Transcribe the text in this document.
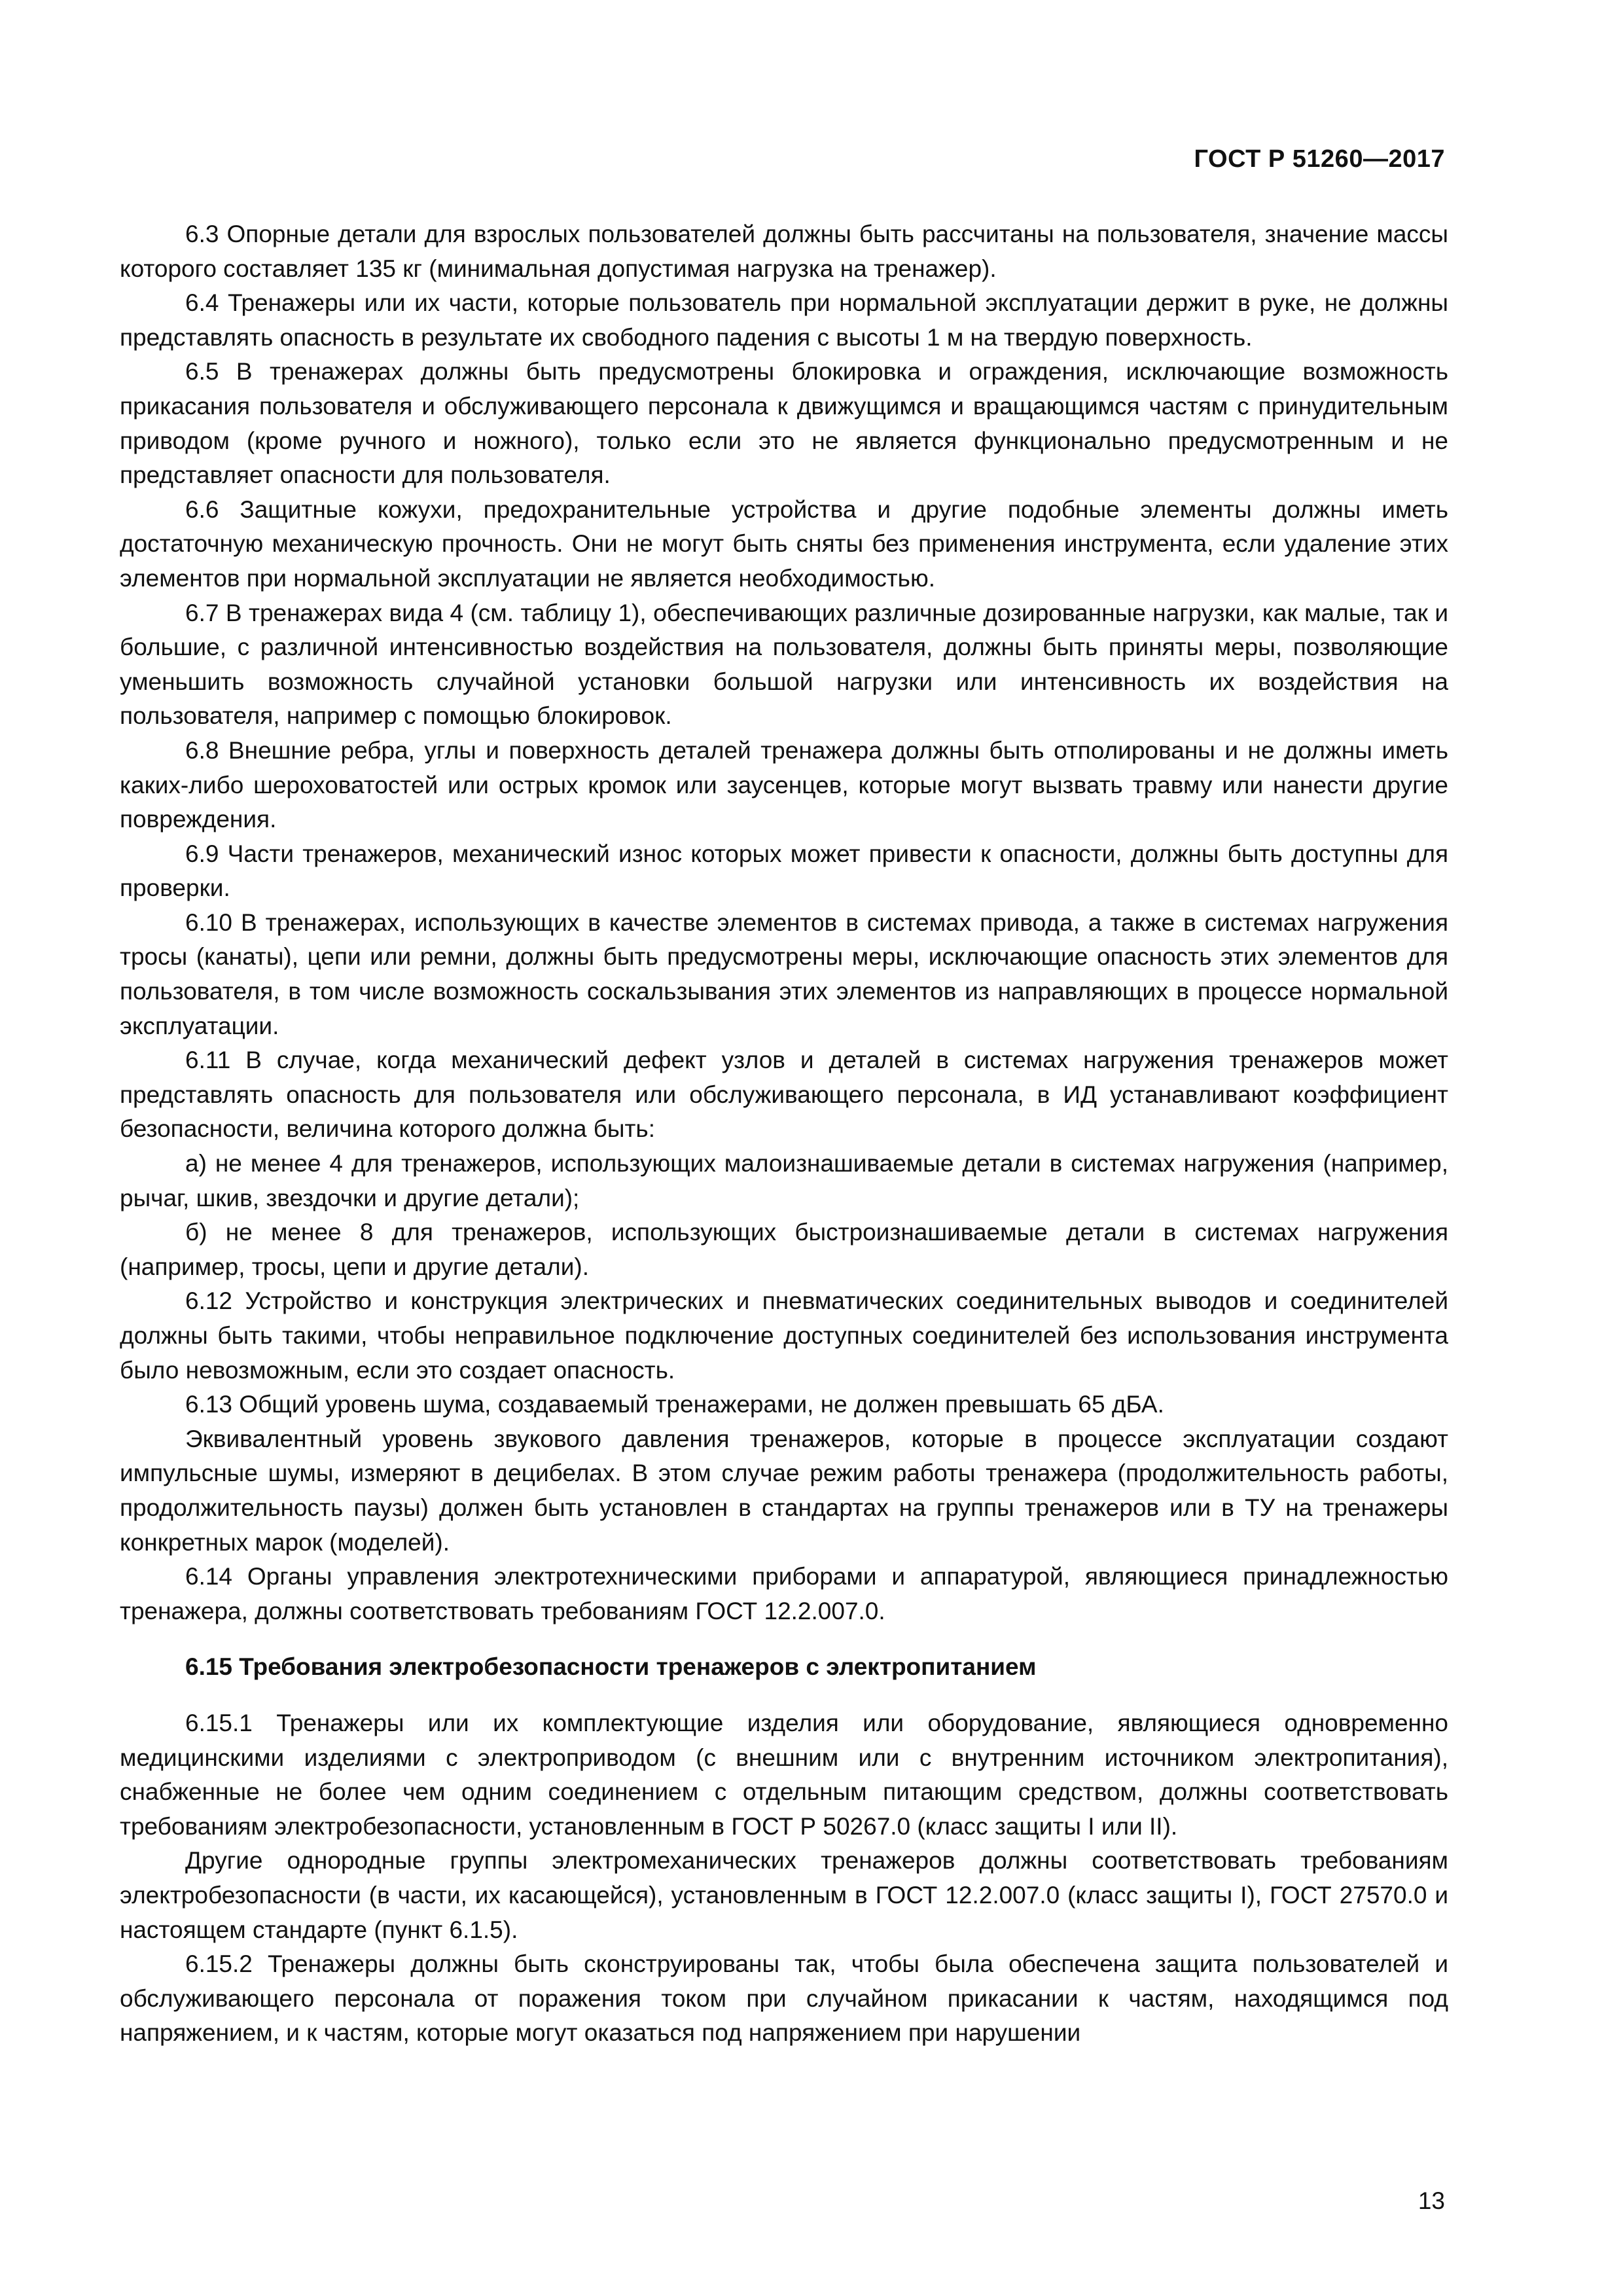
ГОСТ Р 51260—2017

6.3 Опорные детали для взрослых пользователей должны быть рассчитаны на пользователя, значение массы которого составляет 135 кг (минимальная допустимая нагрузка на тренажер).

6.4 Тренажеры или их части, которые пользователь при нормальной эксплуатации держит в руке, не должны представлять опасность в результате их свободного падения с высоты 1 м на твердую поверхность.

6.5 В тренажерах должны быть предусмотрены блокировка и ограждения, исключающие возможность прикасания пользователя и обслуживающего персонала к движущимся и вращающимся частям с принудительным приводом (кроме ручного и ножного), только если это не является функционально предусмотренным и не представляет опасности для пользователя.

6.6 Защитные кожухи, предохранительные устройства и другие подобные элементы должны иметь достаточную механическую прочность. Они не могут быть сняты без применения инструмента, если удаление этих элементов при нормальной эксплуатации не является необходимостью.

6.7 В тренажерах вида 4 (см. таблицу 1), обеспечивающих различные дозированные нагрузки, как малые, так и большие, с различной интенсивностью воздействия на пользователя, должны быть приняты меры, позволяющие уменьшить возможность случайной установки большой нагрузки или интенсивность их воздействия на пользователя, например с помощью блокировок.

6.8 Внешние ребра, углы и поверхность деталей тренажера должны быть отполированы и не должны иметь каких-либо шероховатостей или острых кромок или заусенцев, которые могут вызвать травму или нанести другие повреждения.

6.9 Части тренажеров, механический износ которых может привести к опасности, должны быть доступны для проверки.

6.10 В тренажерах, использующих в качестве элементов в системах привода, а также в системах нагружения тросы (канаты), цепи или ремни, должны быть предусмотрены меры, исключающие опасность этих элементов для пользователя, в том числе возможность соскальзывания этих элементов из направляющих в процессе нормальной эксплуатации.

6.11 В случае, когда механический дефект узлов и деталей в системах нагружения тренажеров может представлять опасность для пользователя или обслуживающего персонала, в ИД устанавливают коэффициент безопасности, величина которого должна быть:

а) не менее 4 для тренажеров, использующих малоизнашиваемые детали в системах нагружения (например, рычаг, шкив, звездочки и другие детали);

б) не менее 8 для тренажеров, использующих быстроизнашиваемые детали в системах нагружения (например, тросы, цепи и другие детали).

6.12 Устройство и конструкция электрических и пневматических соединительных выводов и соединителей должны быть такими, чтобы неправильное подключение доступных соединителей без использования инструмента было невозможным, если это создает опасность.

6.13 Общий уровень шума, создаваемый тренажерами, не должен превышать 65 дБА.

Эквивалентный уровень звукового давления тренажеров, которые в процессе эксплуатации создают импульсные шумы, измеряют в децибелах. В этом случае режим работы тренажера (продолжительность работы, продолжительность паузы) должен быть установлен в стандартах на группы тренажеров или в ТУ на тренажеры конкретных марок (моделей).

6.14 Органы управления электротехническими приборами и аппаратурой, являющиеся принадлежностью тренажера, должны соответствовать требованиям ГОСТ 12.2.007.0.

6.15 Требования электробезопасности тренажеров с электропитанием

6.15.1 Тренажеры или их комплектующие изделия или оборудование, являющиеся одновременно медицинскими изделиями с электроприводом (с внешним или с внутренним источником электропитания), снабженные не более чем одним соединением с отдельным питающим средством, должны соответствовать требованиям электробезопасности, установленным в ГОСТ Р 50267.0 (класс защиты I или II).

Другие однородные группы электромеханических тренажеров должны соответствовать требованиям электробезопасности (в части, их касающейся), установленным в ГОСТ 12.2.007.0 (класс защиты I), ГОСТ 27570.0 и настоящем стандарте (пункт 6.1.5).

6.15.2 Тренажеры должны быть сконструированы так, чтобы была обеспечена защита пользователей и обслуживающего персонала от поражения током при случайном прикасании к частям, находящимся под напряжением, и к частям, которые могут оказаться под напряжением при нарушении

13
